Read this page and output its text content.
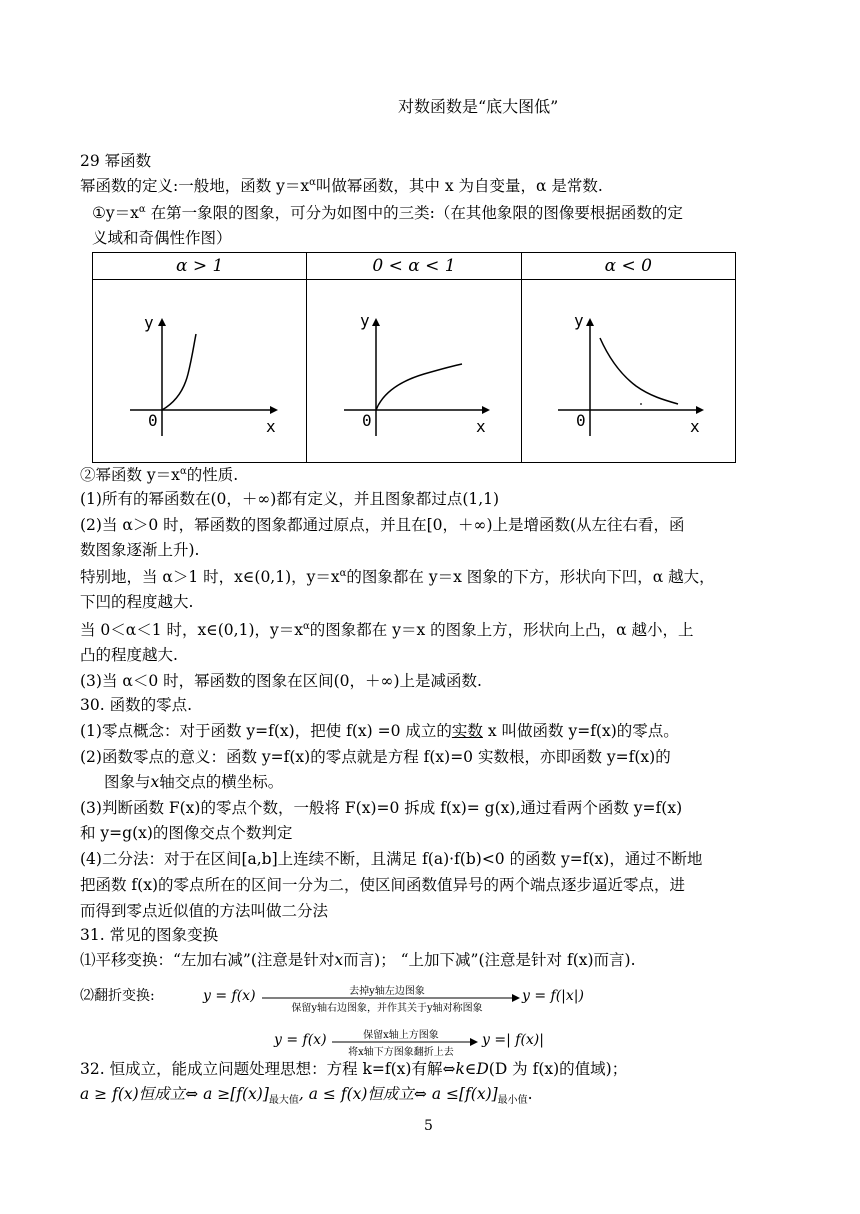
对数函数是“底大图低”
29 幂函数
幂函数的定义:一般地，函数 $y=x^\alpha$叫做幂函数，其中 x 为自变量，α 是常数.
$①y=x^\alpha$ 在第一象限的图象，可分为如图中的三类:（在其他象限的图像要根据函数的定
义域和奇偶性作图）
α > 1	0 < α < 1	α < 0

y
x
0	y
x
0	y
x
0
②幂函数 $y=x^\alpha$的性质.
(1)所有的幂函数在(0，＋∞)都有定义，并且图象都过点(1,1)
(2)当 α＞0 时，幂函数的图象都通过原点，并且在[0，＋∞)上是增函数(从左往右看，函
数图象逐渐上升).
特别地，当 α＞1 时，x∈(0,1)，$y=x^\alpha$的图象都在 y＝x 图象的下方，形状向下凹，α 越大，
下凹的程度越大.
当 0＜α＜1 时，x∈(0,1)，$y=x^\alpha$的图象都在 y＝x 的图象上方，形状向上凸，α 越小，上
凸的程度越大.
(3)当 α＜0 时，幂函数的图象在区间(0，＋∞)上是减函数.
30. 函数的零点.
(1)零点概念：对于函数 y=f(x)，把使 f(x) =0 成立的实数 x 叫做函数 y=f(x)的零点。
(2)函数零点的意义：函数 y=f(x)的零点就是方程 f(x)=0 实数根，亦即函数 y=f(x)的
图象与x轴交点的横坐标。
(3)判断函数 F(x)的零点个数，一般将 F(x)=0 拆成 f(x)= g(x),通过看两个函数 y=f(x)
和 y=g(x)的图像交点个数判定
(4)二分法：对于在区间[a,b]上连续不断，且满足 f(a)·f(b)<0 的函数 y=f(x)，通过不断地
把函数 f(x)的零点所在的区间一分为二，使区间函数值异号的两个端点逐步逼近零点，进
而得到零点近似值的方法叫做二分法
31. 常见的图象变换
⑴平移变换：“左加右减”(注意是针对x而言)； “上加下减”(注意是针对 f(x)而言).
⑵翻折变换:	y = f(x)	去掉y轴左边图象
保留y轴右边图象，并作其关于y轴对称图象
y = f(|x|)
y = f(x)	保留x轴上方图象
将x轴下方图象翻折上去
y =| f(x)|
32. 恒成立，能成立问题处理思想：方程 k=f(x)有解⇔k∈D(D 为 f(x)的值域)；
a ≥ f(x)恒成立⇔ $a \ge[f(x)]_{最大值}$, a ≤ f(x)恒成立⇔ $a \le[f(x)]_{最小值}$.
5
